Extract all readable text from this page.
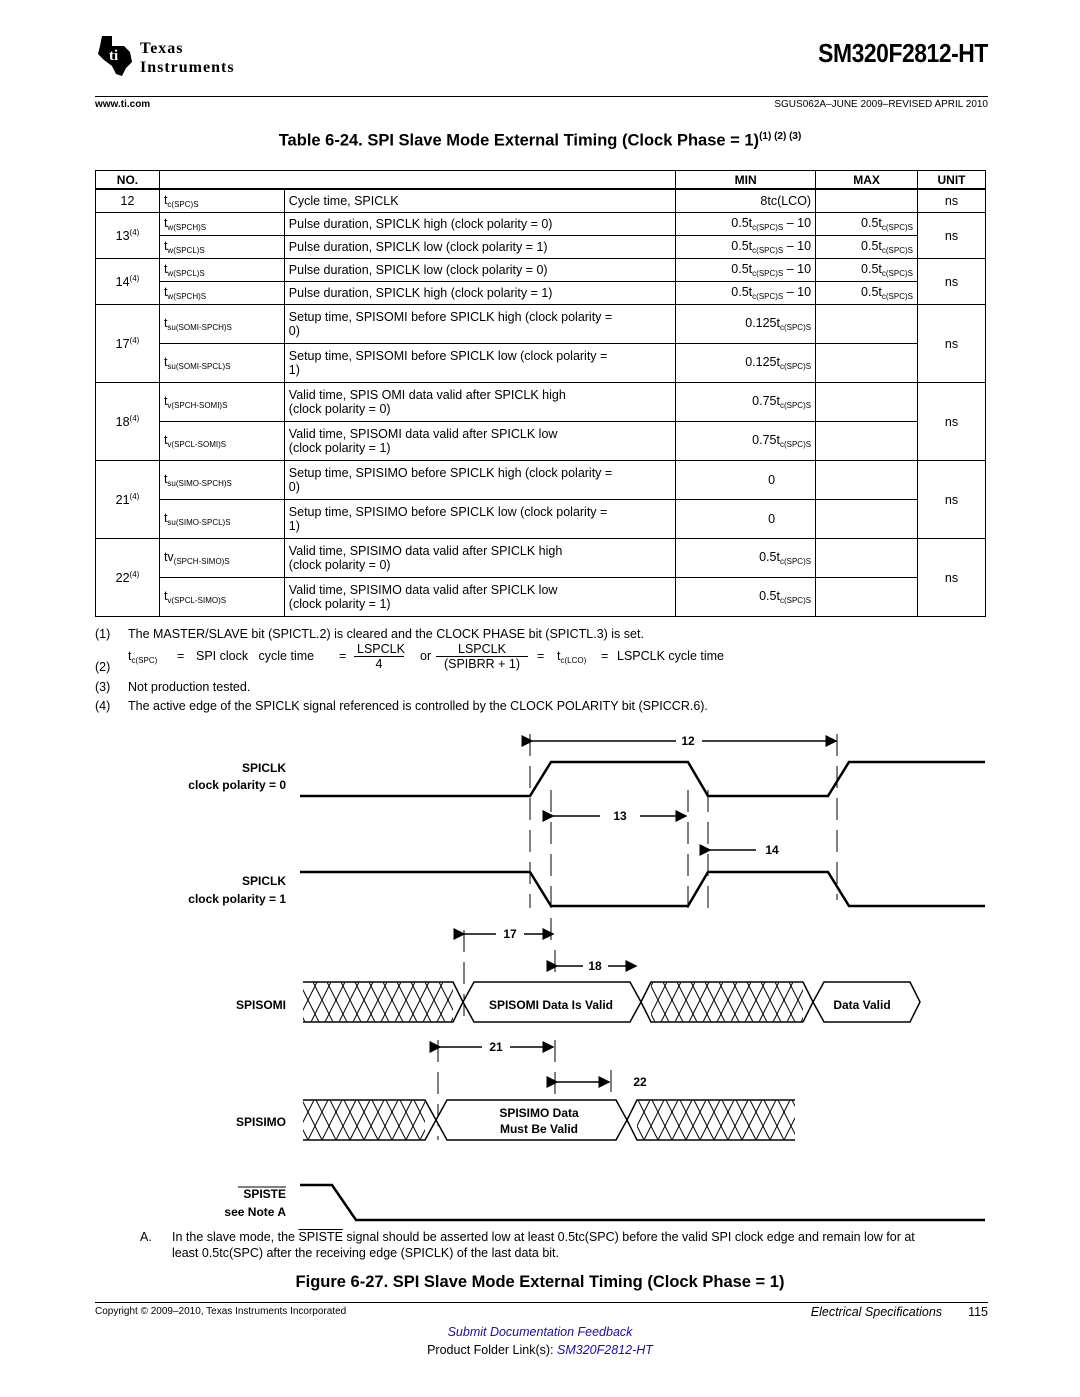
ti Texas
Instruments	SM320F2812-HT
www.ti.com	SGUS062A–JUNE 2009–REVISED APRIL 2010
Table 6-24. SPI Slave Mode External Timing (Clock Phase = 1)$^{(1) (2) (3)}$
NO.			MIN	MAX	UNIT
12	$t_{c(SPC)S}$	Cycle time, SPICLK	8tc(LCO)		ns
13$^{(4)}$	$t_{w(SPCH)S}$	Pulse duration, SPICLK high (clock polarity = 0)	$0.5t_{c(SPC)S} - 10$	$0.5t_{c(SPC)S}$	ns
	$t_{w(SPCL)S}$	Pulse duration, SPICLK low (clock polarity = 1)	$0.5t_{c(SPC)S} - 10$	$0.5t_{c(SPC)S}$
14$^{(4)}$	$t_{w(SPCL)S}$	Pulse duration, SPICLK low (clock polarity = 0)	$0.5t_{c(SPC)S} - 10$	$0.5t_{c(SPC)S}$	ns
	$t_{w(SPCH)S}$	Pulse duration, SPICLK high (clock polarity = 1)	$0.5t_{c(SPC)S} - 10$	$0.5t_{c(SPC)S}$
17$^{(4)}$	$t_{su(SOMI-SPCH)S}$	Setup time, SPISOMI before SPICLK high (clock polarity =
0)	$0.125t_{c(SPC)S}$		ns
	$t_{su(SOMI-SPCL)S}$	Setup time, SPISOMI before SPICLK low (clock polarity =
1)	$0.125t_{c(SPC)S}$	
18$^{(4)}$	$t_{v(SPCH-SOMI)S}$	Valid time, SPIS OMI data valid after SPICLK high
(clock polarity = 0)	$0.75t_{c(SPC)S}$		ns
	$t_{v(SPCL-SOMI)S}$	Valid time, SPISOMI data valid after SPICLK low
(clock polarity = 1)	$0.75t_{c(SPC)S}$	
21$^{(4)}$	$t_{su(SIMO-SPCH)S}$	Setup time, SPISIMO before SPICLK high (clock polarity =
0)	0		ns
	$t_{su(SIMO-SPCL)S}$	Setup time, SPISIMO before SPICLK low (clock polarity =
1)	0		
22$^{(4)}$	$tv_{(SPCH-SIMO)S}$	Valid time, SPISIMO data valid after SPICLK high
(clock polarity = 0)	$0.5t_{c(SPC)S}$		ns
	$t_{v(SPCL-SIMO)S}$	Valid time, SPISIMO data valid after SPICLK low
(clock polarity = 1)	$0.5t_{c(SPC)S}$	
(1) The MASTER/SLAVE bit (SPICTL.2) is cleared and the CLOCK PHASE bit (SPICTL.3) is set.
(2)
$t_{c(SPC)}$ = SPI clock   cycle time = LSPCLK
4
or	LSPCLK
(SPIBRR + 1)
= $t_{c(LCO)}$ = LSPCLK cycle time
(3) Not production tested.
(4) The active edge of the SPICLK signal referenced is controlled by the CLOCK POLARITY bit (SPICCR.6).
SPICLK
clock polarity = 0
SPICLK
clock polarity = 1
SPISOMI
SPISIMO
SPISTE
see Note A
SPISOMI Data Is Valid	Data Valid
SPISIMO Data
Must Be Valid
12
13
14
17
18
21
22
A. In the slave mode, the SPISTE signal should be asserted low at least 0.5tc(SPC) before the valid SPI clock edge and remain low for at least 0.5tc(SPC) after the receiving edge (SPICLK) of the last data bit.
Figure 6-27. SPI Slave Mode External Timing (Clock Phase = 1)
Copyright © 2009–2010, Texas Instruments Incorporated	Electrical Specifications 115
Submit Documentation Feedback
Product Folder Link(s): SM320F2812-HT
